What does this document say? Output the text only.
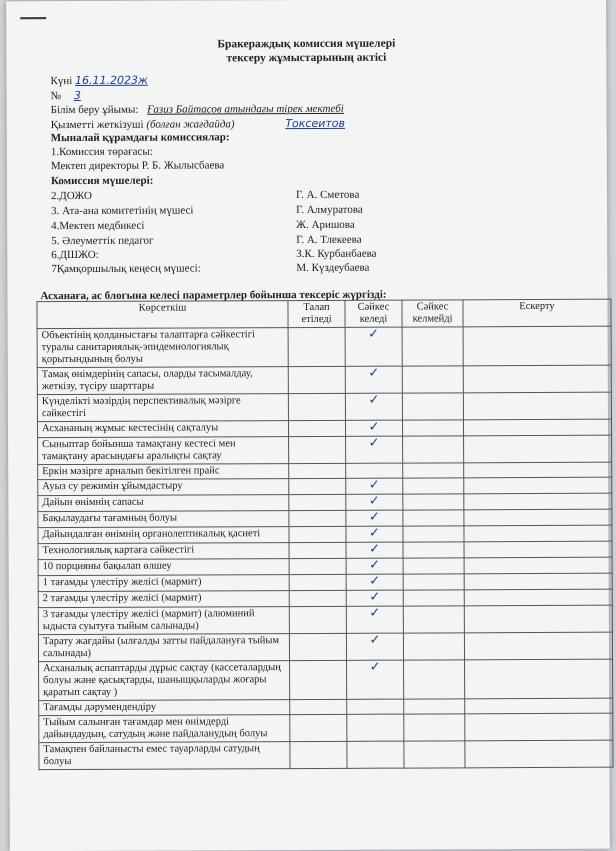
Бракераждық комиссия мүшелері
тексеру жұмыстарының актісі
Күні 16.11.2023ж
№ 3
Білім беру ұйымы: Ғазиз Байтасов атындағы тірек мектебі
Қызметті жеткізуші (болған жағдайда)	Токсеитов
Мыналай құрамдағы комиссиялар:
1.Комиссия төрағасы:
Мектеп директоры Р. Б. Жылысбаева
Комиссия мүшелері:
2.ДОЖО	Г. А. Сметова
3. Ата-ана комитетінің мүшесі	Г. Алмуратова
4.Мектеп медбикесі	Ж. Аришова
5. Әлеуметтік педагог	Г. А. Тлекеева
6.ДШЖО:	З.К. Курбанбаева
7Қамқоршылық кеңесң мүшесі:	М. Күздеубаева
Асханаға, ас блогына келесі параметрлер бойынша тексеріс жүргізді:
Көрсеткіш	Талап етіледі	Сәйкес келеді	Сәйкес келмейді	Ескерту
Объектінің қолданыстағы талаптарға сәйкестігі туралы санитариялық-эпидемиологиялық қорытындының болуы		✓		
Тамақ өнімдерінің сапасы, оларды тасымалдау, жеткізу, түсіру шарттары		✓		
Күнделікті мәзірдің перспективалық мәзірге сәйкестігі		✓		
Асхананың жұмыс кестесінің сақталуы		✓		
Сыныптар бойынша тамақтану кестесі мен тамақтану арасындағы аралықты сақтау		✓		
Еркін мәзірге арналып бекітілген прайс				
Ауыз су режимін ұйымдастыру		✓		
Дайын өнімнің сапасы		✓		
Бақылаудағы тағамның болуы		✓		
Дайындалған өнімнің органолептикалық қасиеті		✓		
Технологиялық картаға сәйкестігі		✓		
10 порцияны бақылап өлшеу		✓		
1 тағамды үлестіру желісі (мармит)		✓		
2 тағамды үлестіру желісі (мармит)		✓		
3 тағамды үлестіру желісі (мармит) (алюминий ыдыста суытуға тыйым салынады)		✓		
Тарату жағдайы (ылғалды затты пайдалануға тыйым салынады)		✓		
Асханалық аспаптарды дұрыс сақтау (кассеталардың болуы және қасықтарды, шаныщқыларды жоғары қаратып сақтау )		✓		
Тағамды дәрумендендіру				
Тыйым салынған тағамдар мен өнімдерді дайындаудың, сатудың және пайдаланудың болуы				
Тамақпен байланысты емес тауарларды сатудың болуы				
